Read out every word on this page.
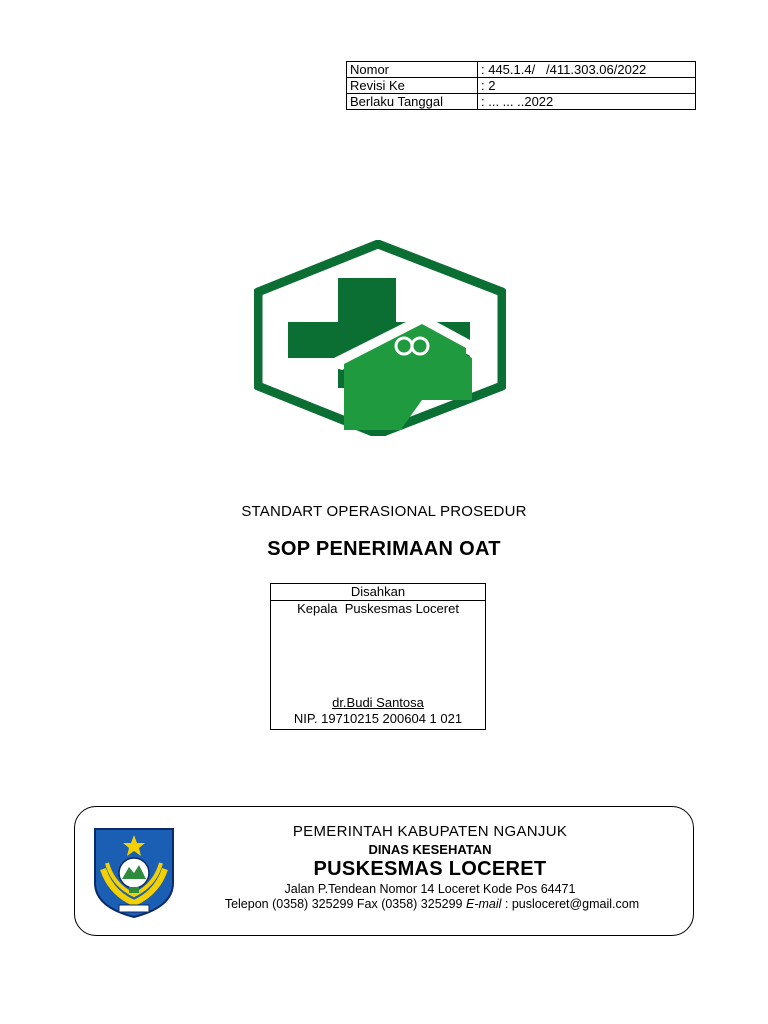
Nomor	: 445.1.4/   /411.303.06/2022
Revisi Ke	: 2
Berlaku Tanggal	: ... ... ..2022
STANDART OPERASIONAL PROSEDUR
SOP PENERIMAAN OAT
Disahkan
Kepala  Puskesmas Loceret
dr.Budi Santosa
NIP. 19710215 200604 1 021
PEMERINTAH KABUPATEN NGANJUK
DINAS KESEHATAN
PUSKESMAS LOCERET
Jalan P.Tendean Nomor 14 Loceret Kode Pos 64471
Telepon (0358) 325299 Fax (0358) 325299 E-mail : pusloceret@gmail.com
